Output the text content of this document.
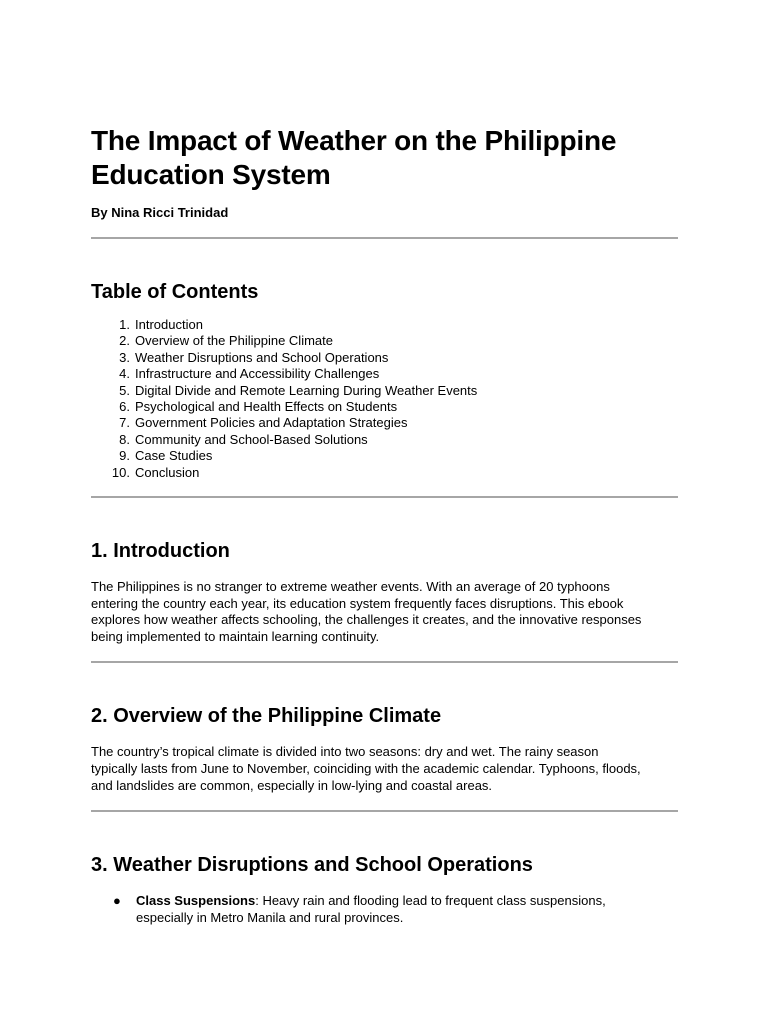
The Impact of Weather on the Philippine
Education System

By Nina Ricci Trinidad

Table of Contents
1. Introduction
2. Overview of the Philippine Climate
3. Weather Disruptions and School Operations
4. Infrastructure and Accessibility Challenges
5. Digital Divide and Remote Learning During Weather Events
6. Psychological and Health Effects on Students
7. Government Policies and Adaptation Strategies
8. Community and School-Based Solutions
9. Case Studies
10. Conclusion
1. Introduction

The Philippines is no stranger to extreme weather events. With an average of 20 typhoons
entering the country each year, its education system frequently faces disruptions. This ebook
explores how weather affects schooling, the challenges it creates, and the innovative responses
being implemented to maintain learning continuity.

2. Overview of the Philippine Climate

The country’s tropical climate is divided into two seasons: dry and wet. The rainy season
typically lasts from June to November, coinciding with the academic calendar. Typhoons, floods,
and landslides are common, especially in low-lying and coastal areas.

3. Weather Disruptions and School Operations
● Class Suspensions: Heavy rain and flooding lead to frequent class suspensions,
especially in Metro Manila and rural provinces.
